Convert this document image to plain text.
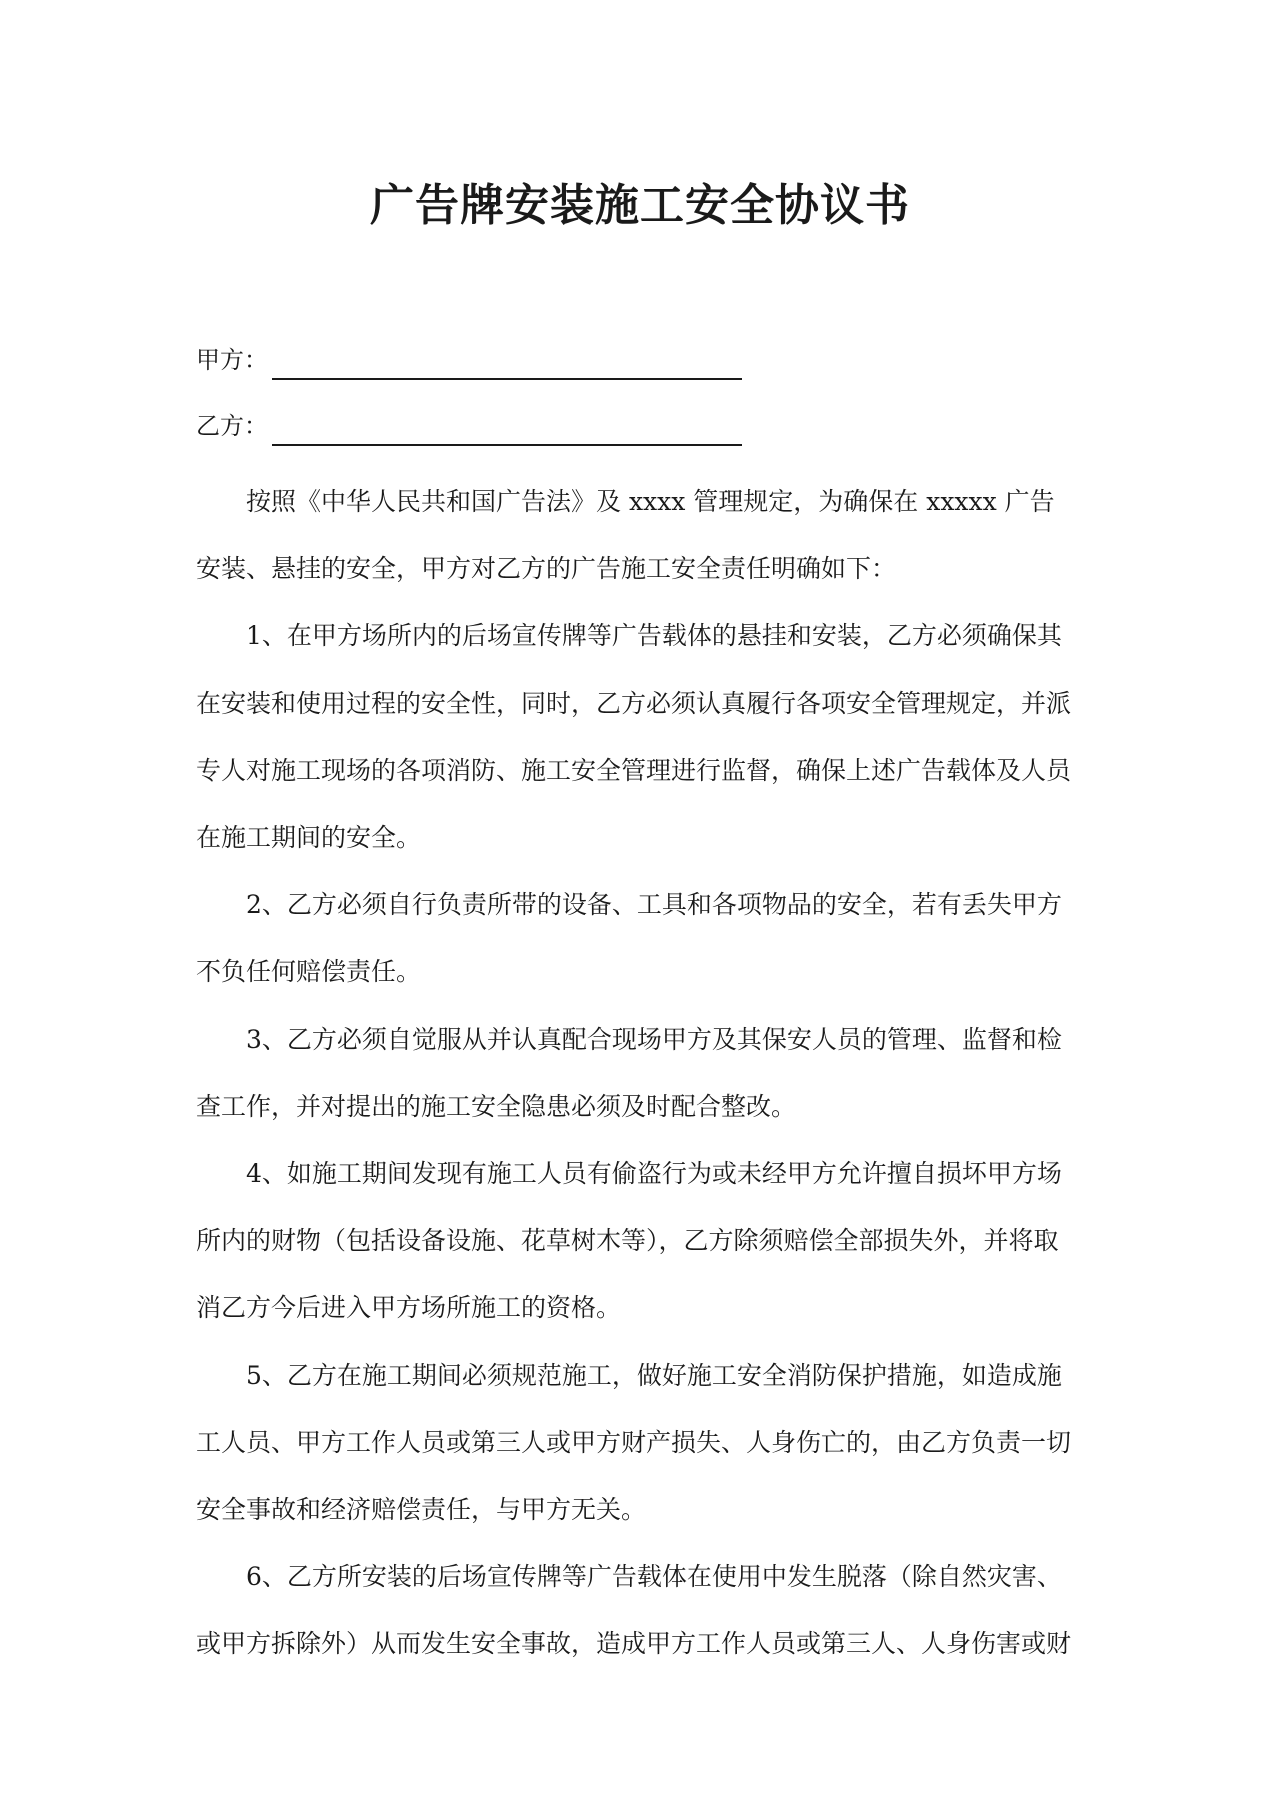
广告牌安装施工安全协议书
甲方：
乙方：
按照《中华人民共和国广告法》及 xxxx 管理规定，为确保在 xxxxx 广告
安装、悬挂的安全，甲方对乙方的广告施工安全责任明确如下：
1、在甲方场所内的后场宣传牌等广告载体的悬挂和安装，乙方必须确保其
在安装和使用过程的安全性，同时，乙方必须认真履行各项安全管理规定，并派
专人对施工现场的各项消防、施工安全管理进行监督，确保上述广告载体及人员
在施工期间的安全。
2、乙方必须自行负责所带的设备、工具和各项物品的安全，若有丢失甲方
不负任何赔偿责任。
3、乙方必须自觉服从并认真配合现场甲方及其保安人员的管理、监督和检
查工作，并对提出的施工安全隐患必须及时配合整改。
4、如施工期间发现有施工人员有偷盗行为或未经甲方允许擅自损坏甲方场
所内的财物（包括设备设施、花草树木等），乙方除须赔偿全部损失外，并将取
消乙方今后进入甲方场所施工的资格。
5、乙方在施工期间必须规范施工，做好施工安全消防保护措施，如造成施
工人员、甲方工作人员或第三人或甲方财产损失、人身伤亡的，由乙方负责一切
安全事故和经济赔偿责任，与甲方无关。
6、乙方所安装的后场宣传牌等广告载体在使用中发生脱落（除自然灾害、
或甲方拆除外）从而发生安全事故，造成甲方工作人员或第三人、人身伤害或财
